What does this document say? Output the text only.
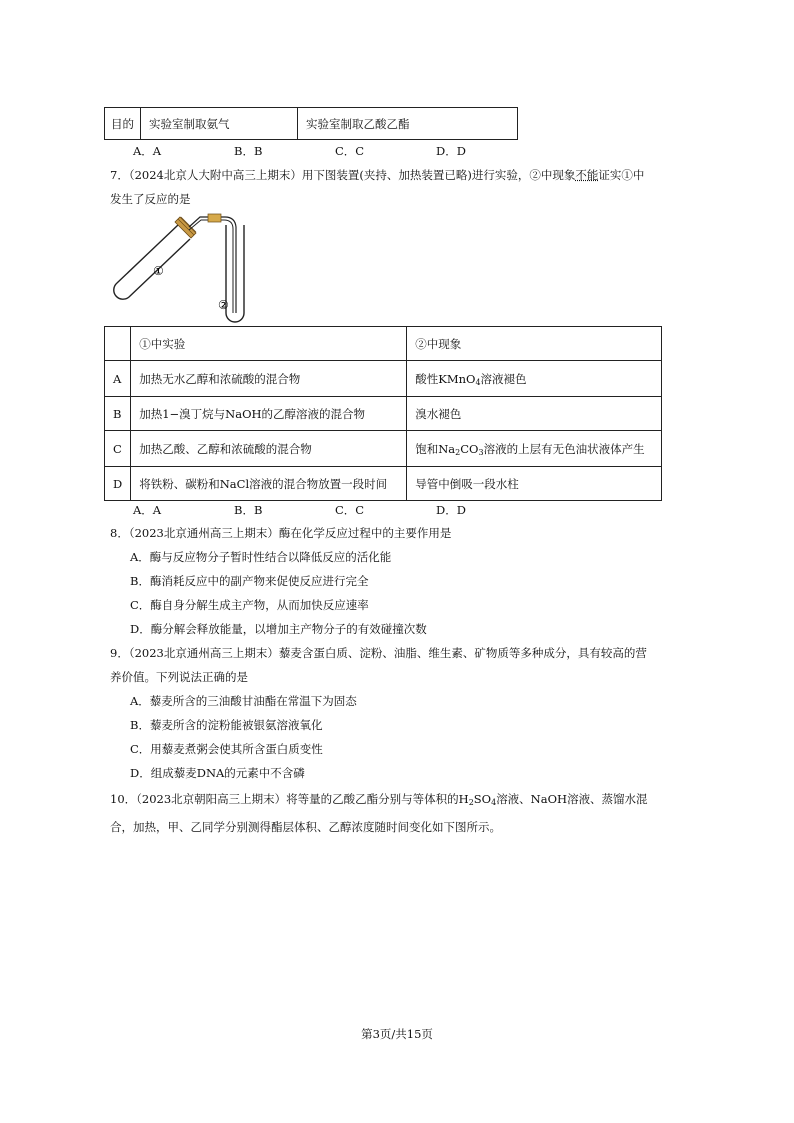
目的	实验室制取氨气	实验室制取乙酸乙酯
A．A	B．B	C．C	D．D

7．（2024北京人大附中高三上期末）用下图装置(夹持、加热装置已略)进行实验，②中现象不能证实①中

发生了反应的是

①
②
	①中实验	②中现象
A	加热无水乙醇和浓硫酸的混合物	酸性KMnO$_4$溶液褪色
B	加热1−溴丁烷与NaOH的乙醇溶液的混合物	溴水褪色
C	加热乙酸、乙醇和浓硫酸的混合物	饱和$Na_2CO_3$溶液的上层有无色油状液体产生
D	将铁粉、碳粉和NaCl溶液的混合物放置一段时间	导管中倒吸一段水柱
A．A	B．B	C．C	D．D

8．（2023北京通州高三上期末）酶在化学反应过程中的主要作用是

A．酶与反应物分子暂时性结合以降低反应的活化能

B．酶消耗反应中的副产物来促使反应进行完全

C．酶自身分解生成主产物，从而加快反应速率

D．酶分解会释放能量，以增加主产物分子的有效碰撞次数

9．（2023北京通州高三上期末）藜麦含蛋白质、淀粉、油脂、维生素、矿物质等多种成分，具有较高的营

养价值。下列说法正确的是

A．藜麦所含的三油酸甘油酯在常温下为固态

B．藜麦所含的淀粉能被银氨溶液氧化

C．用藜麦煮粥会使其所含蛋白质变性

D．组成藜麦DNA的元素中不含磷

10．（2023北京朝阳高三上期末）将等量的乙酸乙酯分别与等体积的$H_2SO_4$溶液、NaOH溶液、蒸馏水混

合，加热，甲、乙同学分别测得酯层体积、乙醇浓度随时间变化如下图所示。

第3页/共15页
